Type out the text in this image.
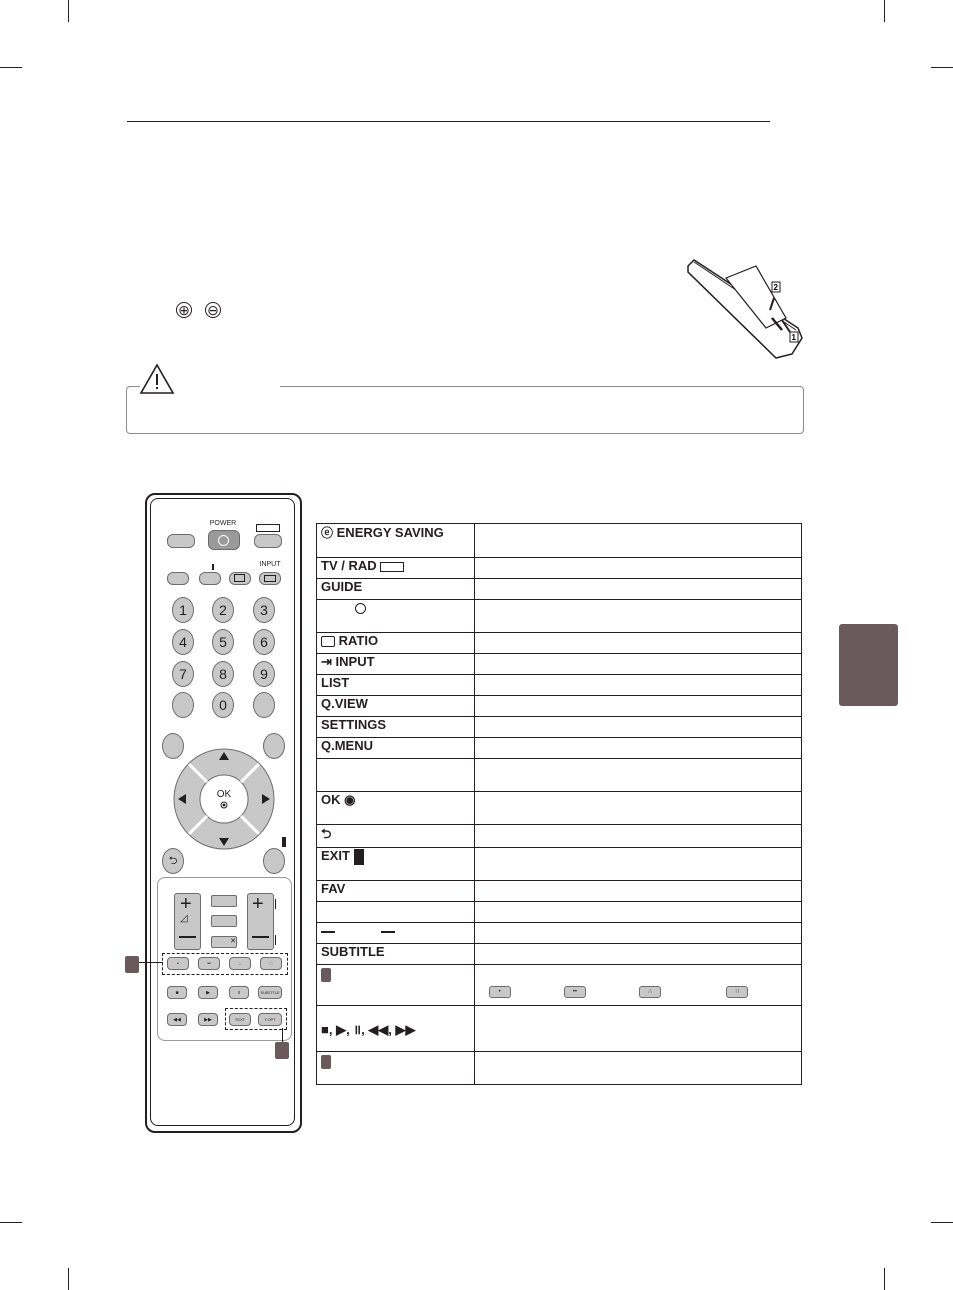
⊕ ⊖
2
1
POWER
INPUT
1	2	3
4	5	6
7	8	9
0
OK
⮌
+
◿
✕
+
•	••	∴	∷
■	▶	॥	SUBTITLE
◀◀	▶▶	TEXT	T.OPT
ⓔ ENERGY SAVING	
TV / RAD	
GUIDE	

RATIO	
⇥ INPUT	
LIST	
Q.VIEW	
SETTINGS	
Q.MENU	

OK ◉	
⮌	
EXIT	
FAV	

SUBTITLE	
	• •• ∴ ∷
■, ▶, ॥, ◀◀, ▶▶	
